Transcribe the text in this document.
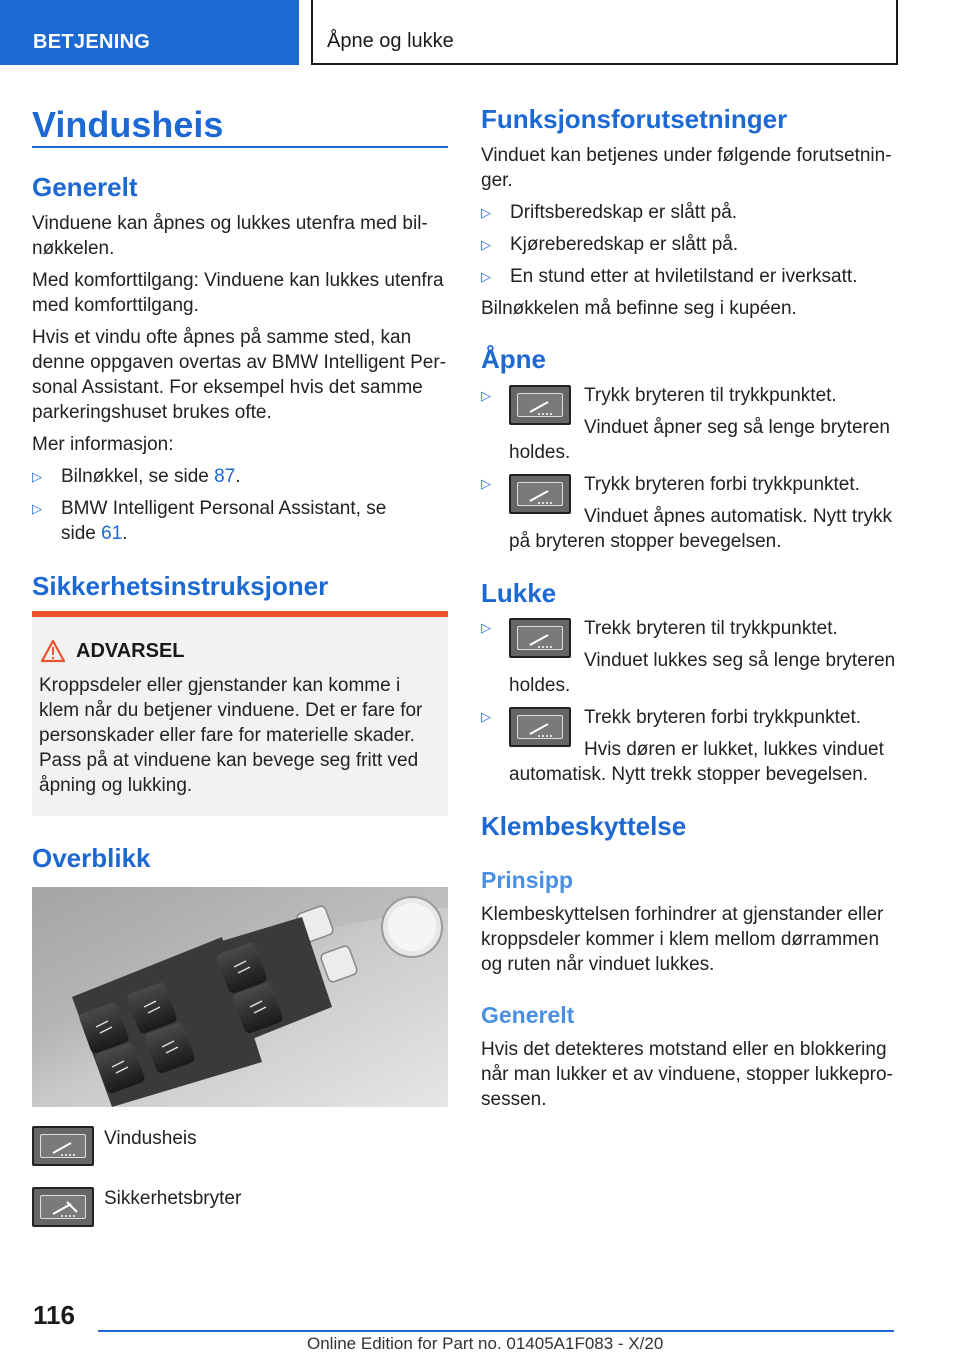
BETJENING	Åpne og lukke
Vindusheis
Generelt

Vinduene kan åpnes og lukkes utenfra med bil-

nøkkelen.

Med komforttilgang: Vinduene kan lukkes utenfra

med komforttilgang.

Hvis et vindu ofte åpnes på samme sted, kan

denne oppgaven overtas av BMW Intelligent Per-

sonal Assistant. For eksempel hvis det samme

parkeringshuset brukes ofte.

Mer informasjon:

▷ Bilnøkkel, se side 87.
▷ BMW Intelligent Personal Assistant, se
side 61.
Sikkerhetsinstruksjoner
ADVARSEL
Kroppsdeler eller gjenstander kan komme i
klem når du betjener vinduene. Det er fare for
personskader eller fare for materielle skader.
Pass på at vinduene kan bevege seg fritt ved
åpning og lukking.
Overblikk

Vindusheis

Sikkerhetsbryter

Funksjonsforutsetninger

Vinduet kan betjenes under følgende forutsetnin-

ger.

▷ Driftsberedskap er slått på.
▷ Kjøreberedskap er slått på.
▷ En stund etter at hviletilstand er iverksatt.

Bilnøkkelen må befinne seg i kupéen.

Åpne
▷	Trykk bryteren til trykkpunktet.

Vinduet åpner seg så lenge bryteren

holdes.

▷	Trykk bryteren forbi trykkpunktet.

Vinduet åpnes automatisk. Nytt trykk

på bryteren stopper bevegelsen.

Lukke
▷	Trekk bryteren til trykkpunktet.

Vinduet lukkes seg så lenge bryteren

holdes.

▷	Trekk bryteren forbi trykkpunktet.

Hvis døren er lukket, lukkes vinduet

automatisk. Nytt trekk stopper bevegelsen.

Klembeskyttelse
Prinsipp

Klembeskyttelsen forhindrer at gjenstander eller

kroppsdeler kommer i klem mellom dørrammen

og ruten når vinduet lukkes.

Generelt

Hvis det detekteres motstand eller en blokkering

når man lukker et av vinduene, stopper lukkepro-

sessen.

116
Online Edition for Part no. 01405A1F083 - X/20
